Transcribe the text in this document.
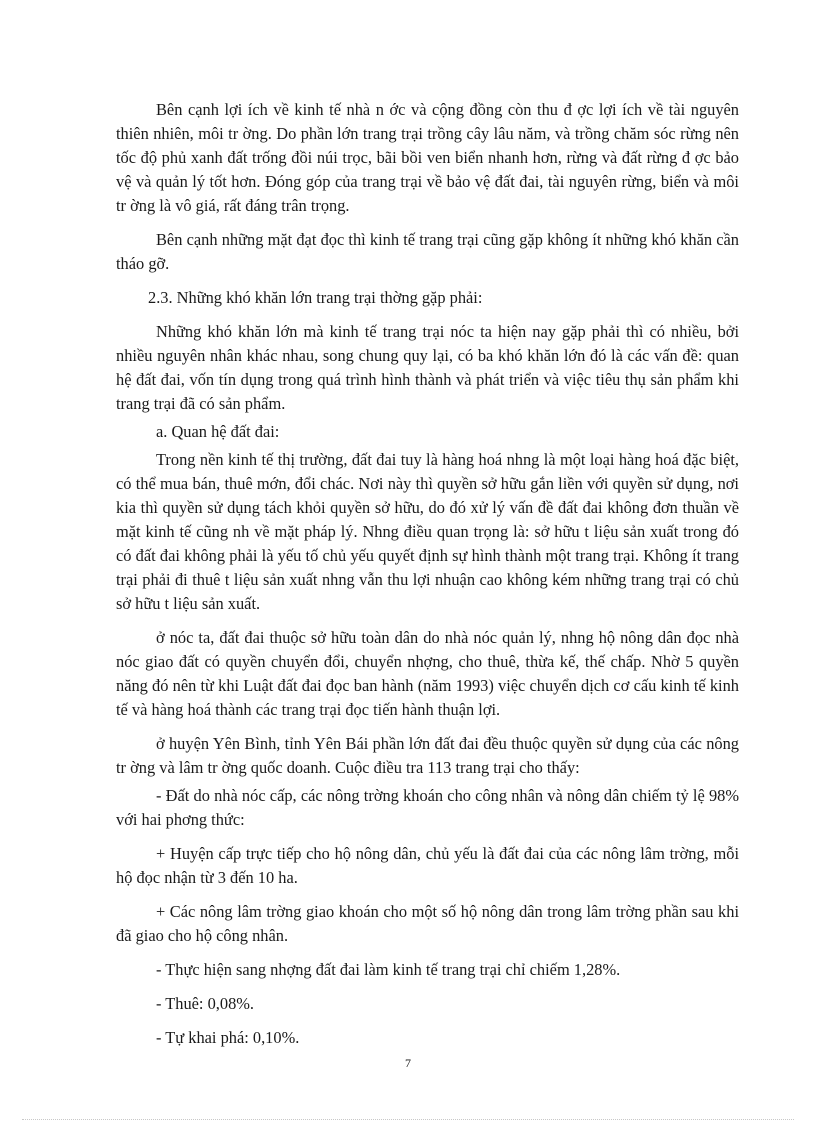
Bên cạnh lợi ích về kinh tế nhà n ớc và cộng đồng còn thu đ ợc lợi ích về tài nguyên thiên nhiên, môi tr ờng. Do phần lớn trang trại trồng cây lâu năm, và trồng chăm sóc rừng nên tốc độ phủ xanh đất trống đồi núi trọc, bãi bồi ven biển nhanh hơn, rừng và đất rừng đ ợc bảo vệ và quản lý tốt hơn. Đóng góp của trang trại về bảo vệ đất đai, tài nguyên rừng, biển và môi tr ờng là vô giá, rất đáng trân trọng.

Bên cạnh những mặt đạt đọc thì kinh tế trang trại cũng gặp không ít những khó khăn cần tháo gỡ.

2.3. Những khó khăn lớn trang trại thờng gặp phải:

Những khó khăn lớn mà kinh tế trang trại nóc ta hiện nay gặp phải thì có nhiều, bởi nhiều nguyên nhân khác nhau, song chung quy lại, có ba khó khăn lớn đó là các vấn đề: quan hệ đất đai, vốn tín dụng trong quá trình hình thành và phát triển và việc tiêu thụ sản phẩm khi trang trại đã có sản phẩm.

a. Quan hệ đất đai:

Trong nền kinh tế thị trường, đất đai tuy là hàng hoá nhng là một loại hàng hoá đặc biệt, có thể mua bán, thuê mớn, đổi chác. Nơi này thì quyền sở hữu gắn liền với quyền sử dụng, nơi kia thì quyền sử dụng tách khỏi quyền sở hữu, do đó xử lý vấn đề đất đai không đơn thuần về mặt kinh tế cũng nh về mặt pháp lý. Nhng điều quan trọng là: sở hữu t liệu sản xuất trong đó có đất đai không phải là yếu tố chủ yếu quyết định sự hình thành một trang trại. Không ít trang trại phải đi thuê t liệu sản xuất nhng vẫn thu lợi nhuận cao không kém những trang trại có chủ sở hữu t liệu sản xuất.

ở nóc ta, đất đai thuộc sở hữu toàn dân do nhà nóc quản lý, nhng hộ nông dân đọc nhà nóc giao đất có quyền chuyển đổi, chuyển nhợng, cho thuê, thừa kế, thế chấp. Nhờ 5 quyền năng đó nên từ khi Luật đất đai đọc ban hành (năm 1993) việc chuyển dịch cơ cấu kinh tế kinh tế và hàng hoá thành các trang trại đọc tiến hành thuận lợi.

ở huyện Yên Bình, tỉnh Yên Bái phần lớn đất đai đều thuộc quyền sử dụng của các nông tr ờng và lâm tr ờng quốc doanh. Cuộc điều tra 113 trang trại cho thấy:

- Đất do nhà nóc cấp, các nông trờng khoán cho công nhân và nông dân chiếm tỷ lệ 98% với hai phơng thức:

+ Huyện cấp trực tiếp cho hộ nông dân, chủ yếu là đất đai của các nông lâm trờng, mỗi hộ đọc nhận từ 3 đến 10 ha.

+ Các nông lâm trờng giao khoán cho một số hộ nông dân trong lâm trờng phần sau khi đã giao cho hộ công nhân.

- Thực hiện sang nhợng đất đai làm kinh tế trang trại chỉ chiếm 1,28%.

- Thuê: 0,08%.

- Tự khai phá: 0,10%.

7
